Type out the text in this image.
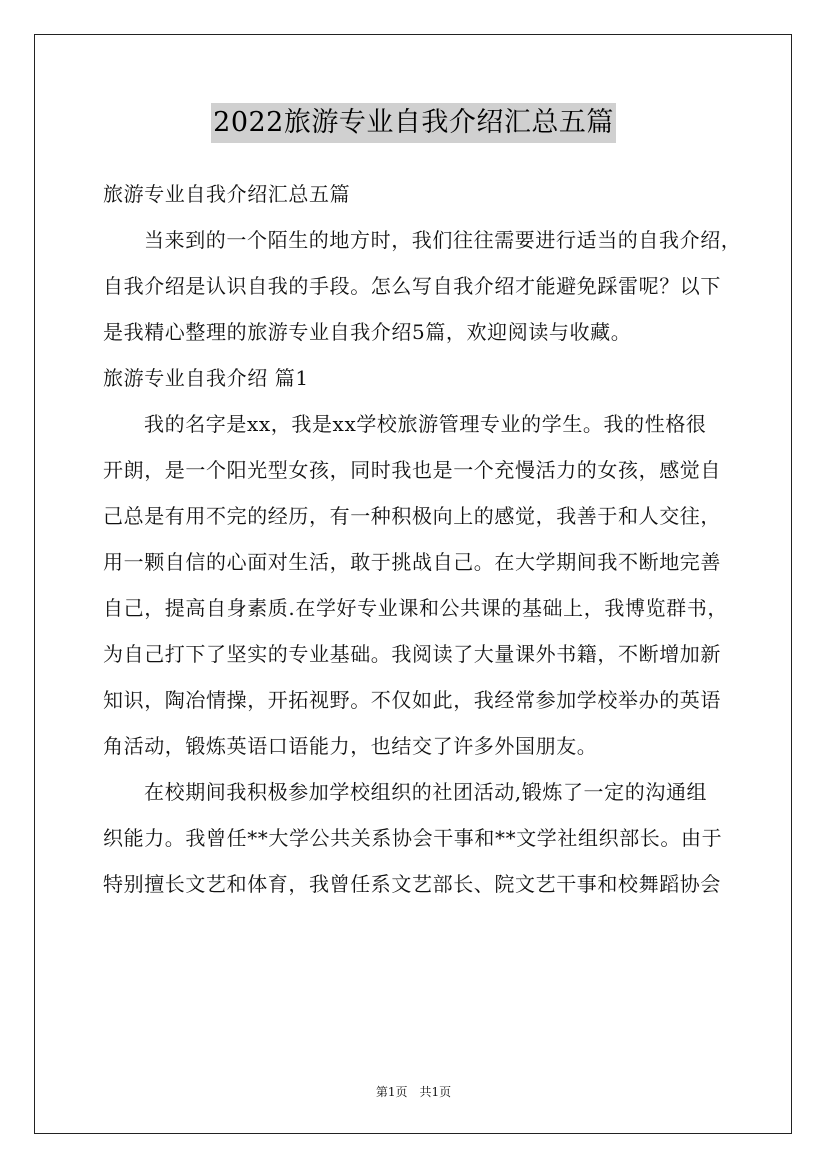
2022旅游专业自我介绍汇总五篇
旅游专业自我介绍汇总五篇
当来到的一个陌生的地方时，我们往往需要进行适当的自我介绍，
自我介绍是认识自我的手段。怎么写自我介绍才能避免踩雷呢？以下
是我精心整理的旅游专业自我介绍5篇，欢迎阅读与收藏。
旅游专业自我介绍 篇1
我的名字是xx，我是xx学校旅游管理专业的学生。我的性格很
开朗，是一个阳光型女孩，同时我也是一个充慢活力的女孩，感觉自
己总是有用不完的经历，有一种积极向上的感觉，我善于和人交往，
用一颗自信的心面对生活，敢于挑战自己。在大学期间我不断地完善
自己，提高自身素质.在学好专业课和公共课的基础上，我博览群书，
为自己打下了坚实的专业基础。我阅读了大量课外书籍，不断增加新
知识，陶冶情操，开拓视野。不仅如此，我经常参加学校举办的英语
角活动，锻炼英语口语能力，也结交了许多外国朋友。
在校期间我积极参加学校组织的社团活动,锻炼了一定的沟通组
织能力。我曾任**大学公共关系协会干事和**文学社组织部长。由于
特别擅长文艺和体育，我曾任系文艺部长、院文艺干事和校舞蹈协会
第1页　共1页
